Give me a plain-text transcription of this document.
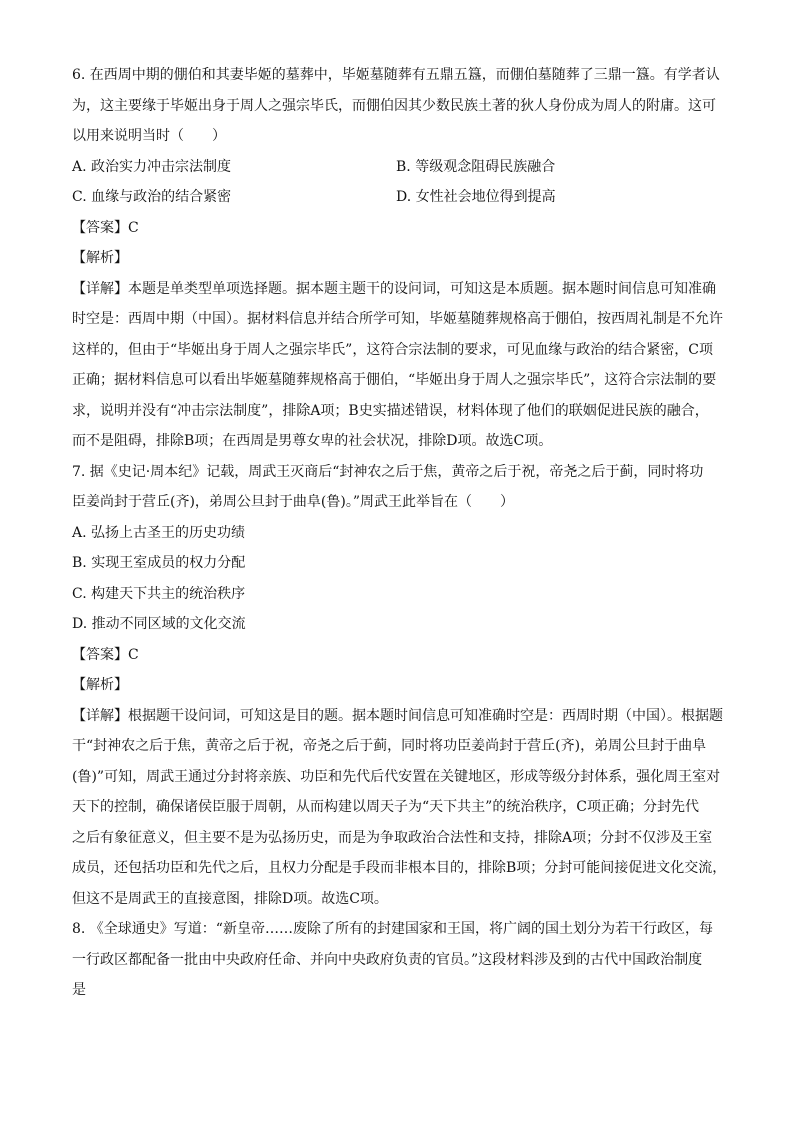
6. 在西周中期的倗伯和其妻毕姬的墓葬中，毕姬墓随葬有五鼎五簋，而倗伯墓随葬了三鼎一簋。有学者认
为，这主要缘于毕姬出身于周人之强宗毕氏，而倗伯因其少数民族土著的狄人身份成为周人的附庸。这可
以用来说明当时（　　）
A. 政治实力冲击宗法制度	B. 等级观念阻碍民族融合
C. 血缘与政治的结合紧密	D. 女性社会地位得到提高
【答案】C
【解析】
【详解】本题是单类型单项选择题。据本题主题干的设问词，可知这是本质题。据本题时间信息可知准确
时空是：西周中期（中国）。据材料信息并结合所学可知，毕姬墓随葬规格高于倗伯，按西周礼制是不允许
这样的，但由于“毕姬出身于周人之强宗毕氏”，这符合宗法制的要求，可见血缘与政治的结合紧密，C项
正确；据材料信息可以看出毕姬墓随葬规格高于倗伯，“毕姬出身于周人之强宗毕氏”，这符合宗法制的要
求，说明并没有“冲击宗法制度”，排除A项；B史实描述错误，材料体现了他们的联姻促进民族的融合，
而不是阻碍，排除B项；在西周是男尊女卑的社会状况，排除D项。故选C项。
7. 据《史记·周本纪》记载，周武王灭商后“封神农之后于焦，黄帝之后于祝，帝尧之后于蓟，同时将功
臣姜尚封于营丘(齐)，弟周公旦封于曲阜(鲁)。”周武王此举旨在（　　）
A. 弘扬上古圣王的历史功绩
B. 实现王室成员的权力分配
C. 构建天下共主的统治秩序
D. 推动不同区域的文化交流
【答案】C
【解析】
【详解】根据题干设问词，可知这是目的题。据本题时间信息可知准确时空是：西周时期（中国）。根据题
干“封神农之后于焦，黄帝之后于祝，帝尧之后于蓟，同时将功臣姜尚封于营丘(齐)，弟周公旦封于曲阜
(鲁)”可知，周武王通过分封将亲族、功臣和先代后代安置在关键地区，形成等级分封体系，强化周王室对
天下的控制，确保诸侯臣服于周朝，从而构建以周天子为“天下共主”的统治秩序，C项正确；分封先代
之后有象征意义，但主要不是为弘扬历史，而是为争取政治合法性和支持，排除A项；分封不仅涉及王室
成员，还包括功臣和先代之后，且权力分配是手段而非根本目的，排除B项；分封可能间接促进文化交流，
但这不是周武王的直接意图，排除D项。故选C项。
8. 《全球通史》写道：“新皇帝……废除了所有的封建国家和王国，将广阔的国土划分为若干行政区，每
一行政区都配备一批由中央政府任命、并向中央政府负责的官员。”这段材料涉及到的古代中国政治制度
是
